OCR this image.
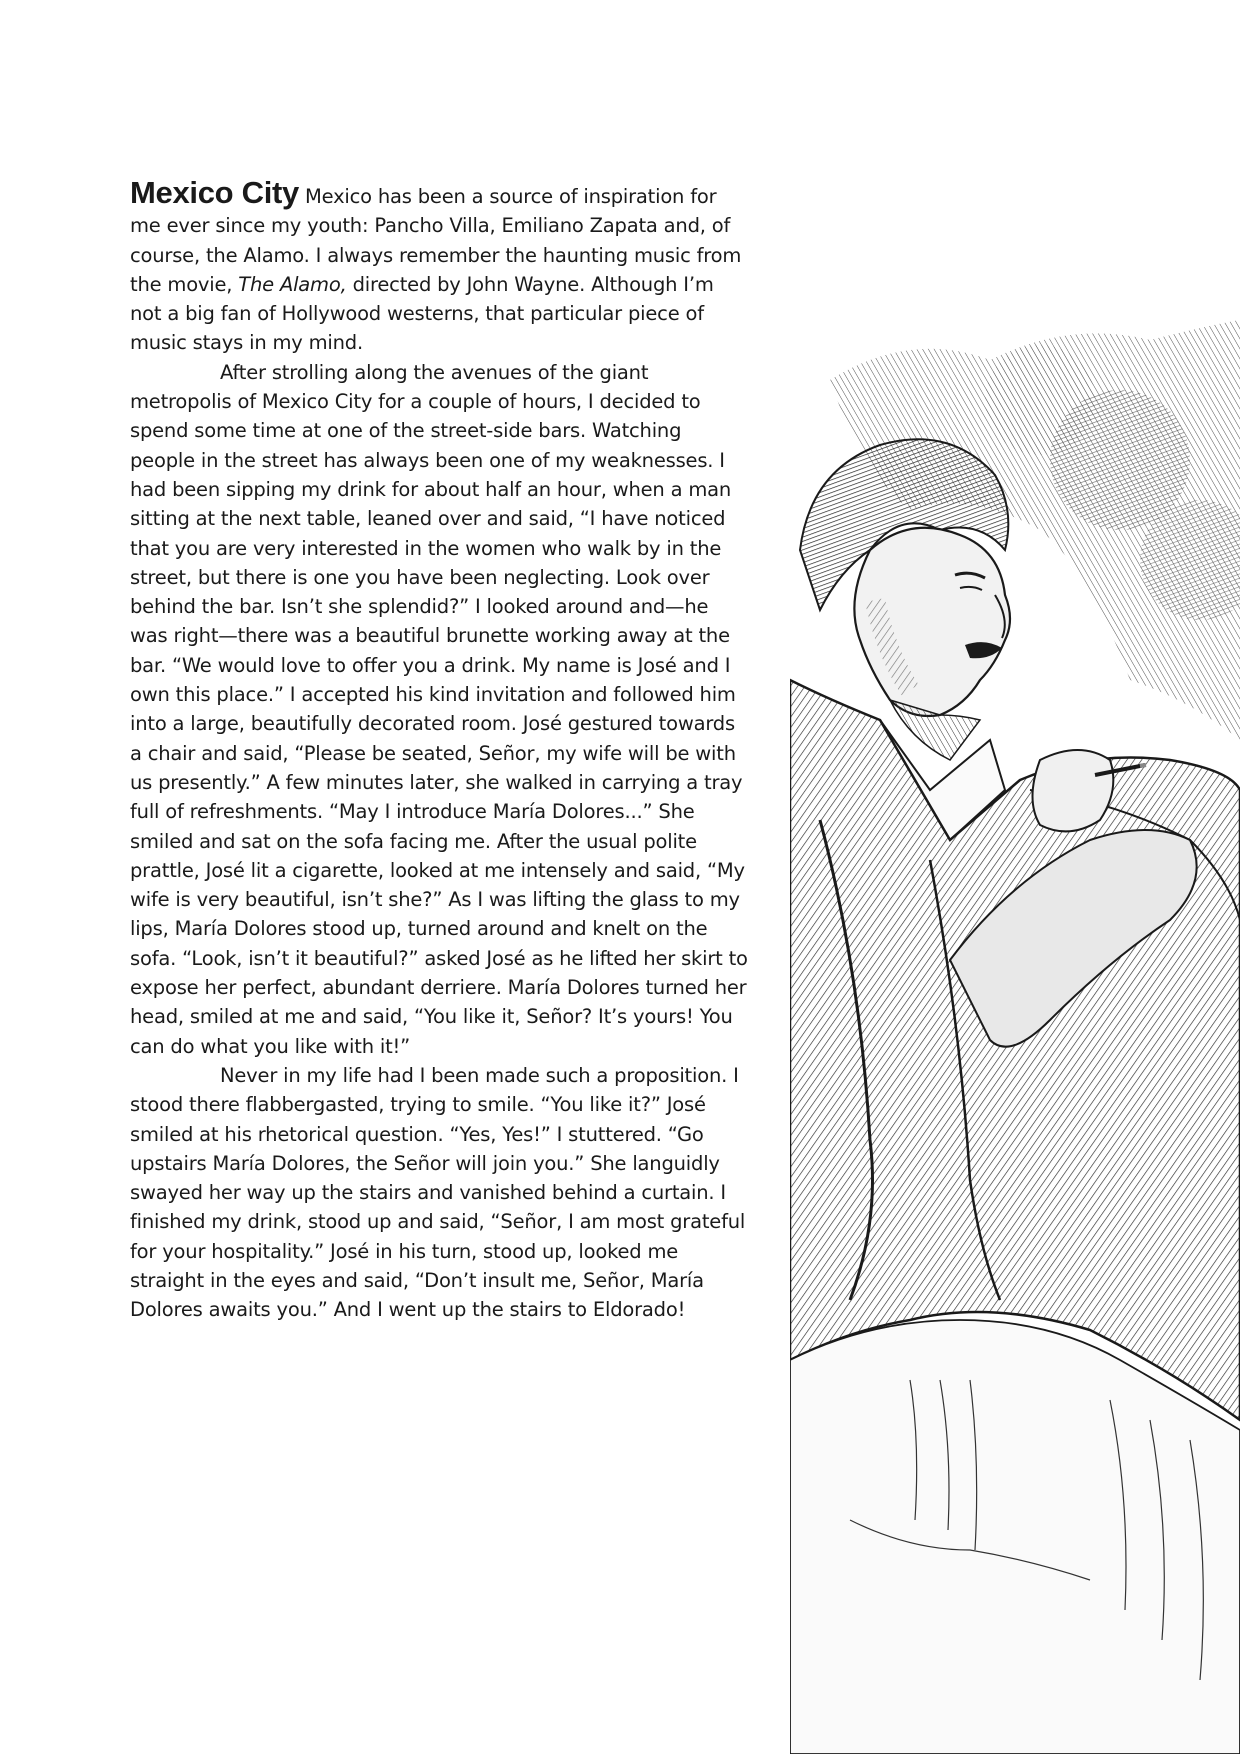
Mexico City Mexico has been a source of inspiration for me ever since my youth: Pancho Villa, Emiliano Zapata and, of course, the Alamo. I always remember the haunting music from the movie, The Alamo, directed by John Wayne. Although I’m not a big fan of Hollywood westerns, that particular piece of music stays in my mind.

After strolling along the avenues of the giant metropolis of Mexico City for a couple of hours, I decided to spend some time at one of the street-side bars. Watching people in the street has always been one of my weaknesses. I had been sipping my drink for about half an hour, when a man sitting at the next table, leaned over and said, “I have noticed that you are very interested in the women who walk by in the street, but there is one you have been neglecting. Look over behind the bar. Isn’t she splendid?” I looked around and—he was right—there was a beautiful brunette working away at the bar. “We would love to offer you a drink. My name is José and I own this place.” I accepted his kind invitation and followed him into a large, beautifully decorated room. José gestured towards a chair and said, “Please be seated, Señor, my wife will be with us presently.” A few minutes later, she walked in carrying a tray full of refreshments. “May I introduce María Dolores...” She smiled and sat on the sofa facing me. After the usual polite prattle, José lit a cigarette, looked at me intensely and said, “My wife is very beautiful, isn’t she?” As I was lifting the glass to my lips, María Dolores stood up, turned around and knelt on the sofa. “Look, isn’t it beautiful?” asked José as he lifted her skirt to expose her perfect, abundant derriere. María Dolores turned her head, smiled at me and said, “You like it, Señor? It’s yours! You can do what you like with it!”

Never in my life had I been made such a proposition. I stood there flabbergasted, trying to smile. “You like it?” José smiled at his rhetorical question. “Yes, Yes!” I stuttered. “Go upstairs María Dolores, the Señor will join you.” She languidly swayed her way up the stairs and vanished behind a curtain. I finished my drink, stood up and said, “Señor, I am most grateful for your hospitality.” José in his turn, stood up, looked me straight in the eyes and said, “Don’t insult me, Señor, María Dolores awaits you.” And I went up the stairs to Eldorado!
